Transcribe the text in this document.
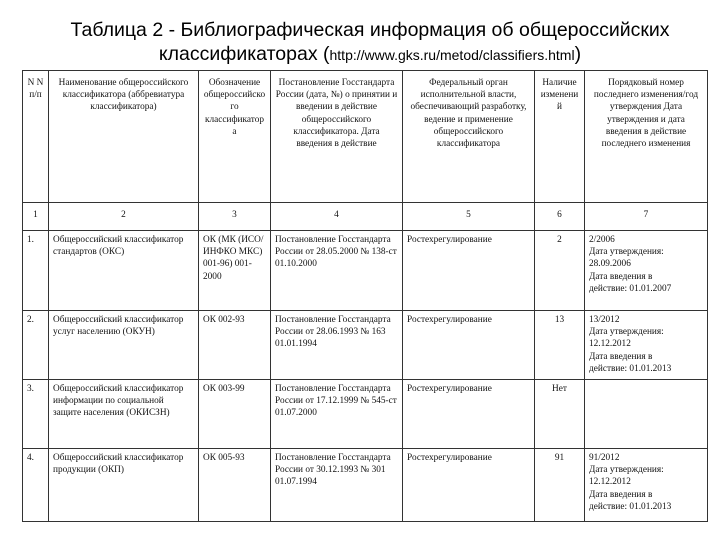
Таблица 2 - Библиографическая информация об общероссийских классификаторах (http://www.gks.ru/metod/classifiers.html)
N N п/п	Наименование общероссийского классификатора (аббревиатура классификатора)	Обозначение общероссийского классификатора	Постановление Госстандарта России (дата, №) о принятии и введении в действие общероссийского классификатора. Дата введения в действие	Федеральный орган исполнительной власти, обеспечивающий разработку, ведение и применение общероссийского классификатора	Наличие изменений	Порядковый номер последнего изменения/год утверждения Дата утверждения и дата введения в действие последнего изменения
1	2	3	4	5	6	7
1.	Общероссийский классификатор стандартов (ОКС)	ОК (МК (ИСО/ ИНФКО МКС) 001-96) 001-2000	Постановление Госстандарта России от 28.05.2000 № 138-ст 01.10.2000	Ростехрегулирование	2	2/2006
Дата утверждения:
28.09.2006
Дата введения в
действие: 01.01.2007

2.	Общероссийский классификатор услуг населению (ОКУН)	ОК 002-93	Постановление Госстандарта России от 28.06.1993 № 163 01.01.1994	Ростехрегулирование	13	13/2012
Дата утверждения:
12.12.2012
Дата введения в
действие: 01.01.2013

3.	Общероссийский классификатор информации по социальной защите населения (ОКИСЗН)	ОК 003-99	Постановление Госстандарта России от 17.12.1999 № 545-ст 01.07.2000	Ростехрегулирование	Нет	
4.	Общероссийский классификатор продукции (ОКП)	ОК 005-93	Постановление Госстандарта России от 30.12.1993 № 301 01.07.1994	Ростехрегулирование	91	91/2012
Дата утверждения:
12.12.2012
Дата введения в
действие: 01.01.2013
